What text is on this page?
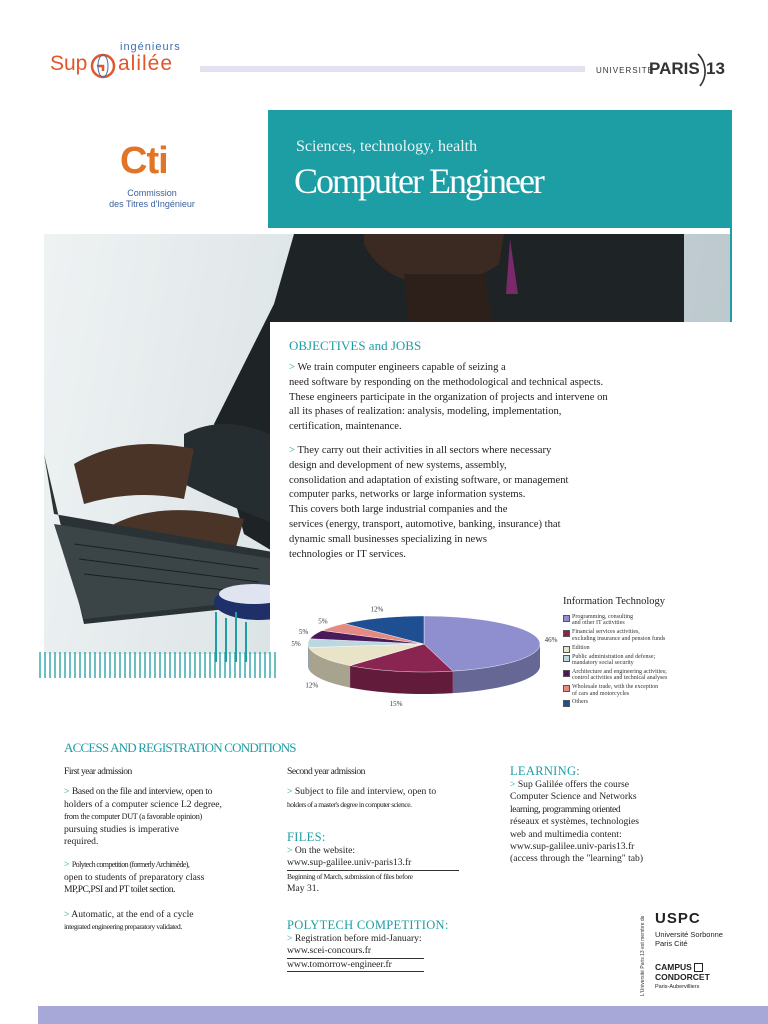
ingénieurs
Sup alilée	UNIVERSITÉ
PARIS 13
Cti
Commission
des Titres d'Ingénieur
Sciences, technology, health
Computer Engineer
OBJECTIVES and JOBS
> We train computer engineers capable of seizing a
need software by responding on the methodological and technical aspects.
These engineers participate in the organization of projects and intervene on
all its phases of realization: analysis, modeling, implementation,
certification, maintenance.
> They carry out their activities in all sectors where necessary
design and development of new systems, assembly,
consolidation and adaptation of existing software, or management
computer parks, networks or large information systems.
This covers both large industrial companies and the
services (energy, transport, automotive, banking, insurance) that
dynamic small businesses specializing in news
technologies or IT services.
46%
15%
12%
5%
5%
5%
12%
Information Technology
Programming, consulting
and other IT activities
Financial services activities,
excluding insurance and pension funds
Edition
Public administration and defense;
mandatory social security
Architecture and engineering activities;
control activities and technical analyses
Wholesale trade, with the exception
of cars and motorcycles
Others
ACCESS AND REGISTRATION CONDITIONS
First year admission
> Based on the file and interview, open to
holders of a computer science L2 degree,
from the computer DUT (a favorable opinion)
pursuing studies is imperative
required.
> Polytech competition (formerly Archimède),
open to students of preparatory class
MP,PC,PSI and PT toilet section.
> Automatic, at the end of a cycle
integrated engineering preparatory validated.
Second year admission
> Subject to file and interview, open to
holders of a master's degree in computer science.
FILES:
> On the website:
www.sup-galilee.univ-paris13.fr
Beginning of March, submission of files before
May 31.
POLYTECH COMPETITION:
> Registration before mid-January:
www.scei-concours.fr
www.tomorrow-engineer.fr
LEARNING:
> Sup Galilée offers the course
Computer Science and Networks
learning, programming oriented
réseaux et systèmes, technologies
web and multimedia content:
www.sup-galilee.univ-paris13.fr
(access through the "learning" tab)
L'Université Paris 13 est membre de USPC
Université Sorbonne
Paris Cité
CAMPUS
CONDORCET
Paris-Aubervilliers
